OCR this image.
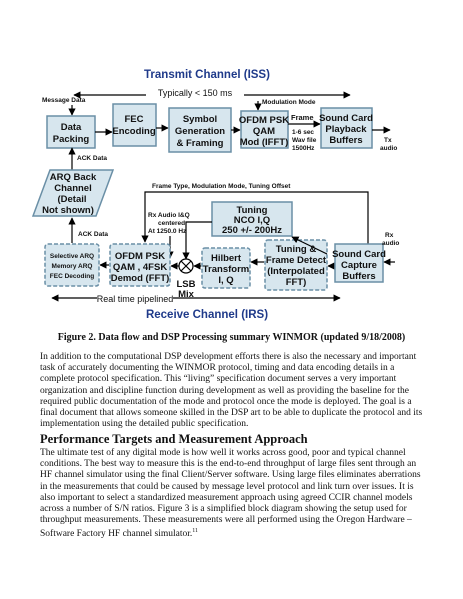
Transmit Channel (ISS)
Receive Channel (IRS)
Typically < 150 ms
Message Data
Data
Packing
FEC
Encoding
Symbol
Generation
& Framing
Modulation Mode
OFDM PSK
QAM
Mod (IFFT)
Frame
1-6 sec
Wav file
1500Hz
Sound Card
Playback
Buffers	Tx
audio
ACK Data
ARQ Back
Channel
(Detail
Not shown)
ACK Data
Frame Type, Modulation Mode, Tuning Offset
Tuning
NCO I,Q
250 +/- 200Hz
Rx Audio I&Q
centered
At 1250.0 Hz
Selective ARQ
Memory ARQ
FEC Decoding
OFDM PSK
QAM , 4FSK
Demod (FFT)
LSB
Mix
Hilbert
Transform
I, Q
Tuning &
Frame Detect
(Interpolated
FFT)
Sound Card
Capture
Buffers
Rx
audio
Real time pipelined
Figure 2. Data flow and DSP Processing summary WINMOR (updated 9/18/2008)

In addition to the computational DSP development efforts there is also the necessary and important task of accurately documenting the WINMOR protocol, timing and data encoding details in a complete protocol specification. This “living” specification document serves a very important organization and discipline function during development as well as providing the baseline for the required public documentation of the mode and protocol once the mode is deployed. The goal is a final document that allows someone skilled in the DSP art to be able to duplicate the protocol and its implementation using the detailed public specification.

Performance Targets and Measurement Approach

The ultimate test of any digital mode is how well it works across good, poor and typical channel conditions. The best way to measure this is the end-to-end throughput of large files sent through an HF channel simulator using the final Client/Server software. Using large files eliminates aberrations in the measurements that could be caused by message level protocol and link turn over issues. It is also important to select a standardized measurement approach using agreed CCIR channel models across a number of S/N ratios. Figure 3 is a simplified block diagram showing the setup used for throughput measurements. These measurements were all performed using the Oregon Hardware – Software Factory HF channel simulator.$^{11}$
